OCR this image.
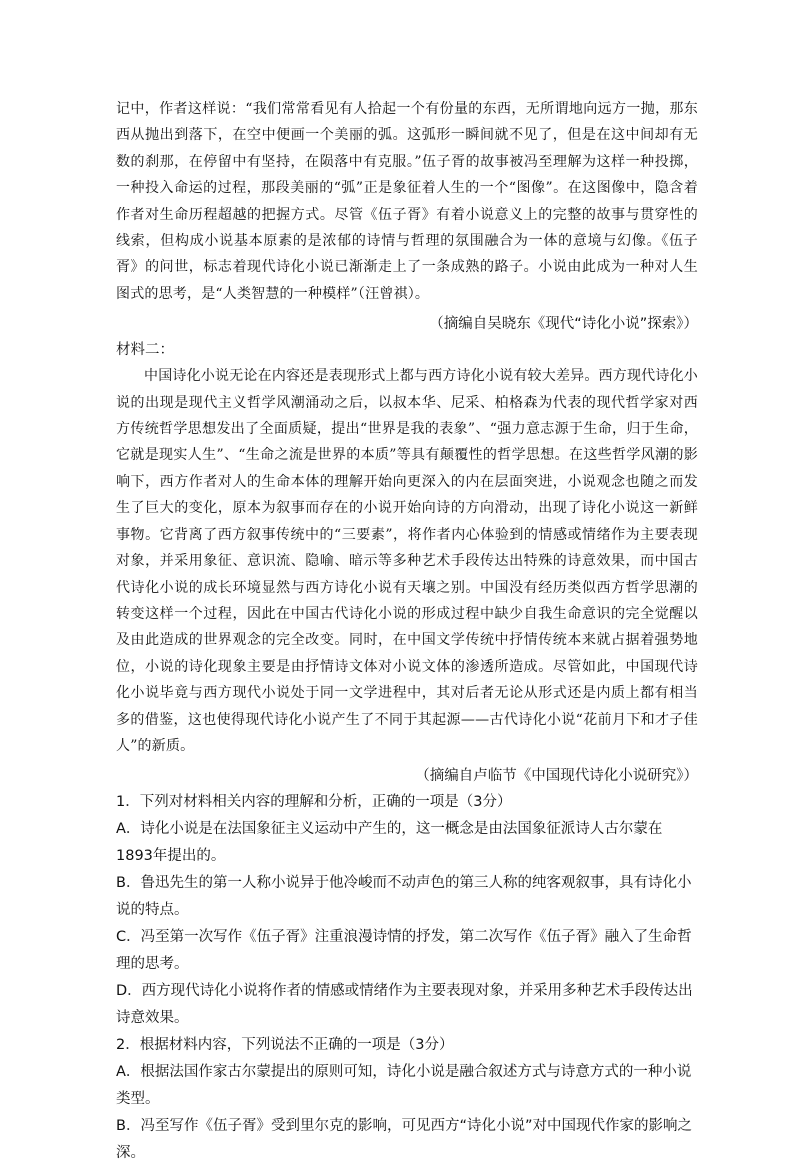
记中，作者这样说：“我们常常看见有人拾起一个有份量的东西，无所谓地向远方一抛，那东西从抛出到落下，在空中便画一个美丽的弧。这弧形一瞬间就不见了，但是在这中间却有无数的刹那，在停留中有坚持，在陨落中有克服。”伍子胥的故事被冯至理解为这样一种投掷，一种投入命运的过程，那段美丽的“弧”正是象征着人生的一个“图像”。在这图像中，隐含着作者对生命历程超越的把握方式。尽管《伍子胥》有着小说意义上的完整的故事与贯穿性的线索，但构成小说基本原素的是浓郁的诗情与哲理的氛围融合为一体的意境与幻像。《伍子胥》的问世，标志着现代诗化小说已渐渐走上了一条成熟的路子。小说由此成为一种对人生图式的思考，是“人类智慧的一种模样”（汪曾祺）。

（摘编自吴晓东《现代“诗化小说”探索》）

材料二：

中国诗化小说无论在内容还是表现形式上都与西方诗化小说有较大差异。西方现代诗化小说的出现是现代主义哲学风潮涌动之后，以叔本华、尼采、柏格森为代表的现代哲学家对西方传统哲学思想发出了全面质疑，提出“世界是我的表象”、“强力意志源于生命，归于生命，它就是现实人生”、“生命之流是世界的本质”等具有颠覆性的哲学思想。在这些哲学风潮的影响下，西方作者对人的生命本体的理解开始向更深入的内在层面突进，小说观念也随之而发生了巨大的变化，原本为叙事而存在的小说开始向诗的方向滑动，出现了诗化小说这一新鲜事物。它背离了西方叙事传统中的“三要素”，将作者内心体验到的情感或情绪作为主要表现对象，并采用象征、意识流、隐喻、暗示等多种艺术手段传达出特殊的诗意效果，而中国古代诗化小说的成长环境显然与西方诗化小说有天壤之别。中国没有经历类似西方哲学思潮的转变这样一个过程，因此在中国古代诗化小说的形成过程中缺少自我生命意识的完全觉醒以及由此造成的世界观念的完全改变。同时，在中国文学传统中抒情传统本来就占据着强势地位，小说的诗化现象主要是由抒情诗文体对小说文体的渗透所造成。尽管如此，中国现代诗化小说毕竟与西方现代小说处于同一文学进程中，其对后者无论从形式还是内质上都有相当多的借鉴，这也使得现代诗化小说产生了不同于其起源——古代诗化小说“花前月下和才子佳人”的新质。

（摘编自卢临节《中国现代诗化小说研究》）

1．下列对材料相关内容的理解和分析，正确的一项是（3分）

A．诗化小说是在法国象征主义运动中产生的，这一概念是由法国象征派诗人古尔蒙在1893年提出的。

B．鲁迅先生的第一人称小说异于他冷峻而不动声色的第三人称的纯客观叙事，具有诗化小说的特点。

C．冯至第一次写作《伍子胥》注重浪漫诗情的抒发，第二次写作《伍子胥》融入了生命哲理的思考。

D．西方现代诗化小说将作者的情感或情绪作为主要表现对象，并采用多种艺术手段传达出诗意效果。

2．根据材料内容，下列说法不正确的一项是（3分）

A．根据法国作家古尔蒙提出的原则可知，诗化小说是融合叙述方式与诗意方式的一种小说类型。

B．冯至写作《伍子胥》受到里尔克的影响，可见西方“诗化小说”对中国现代作家的影响之深。
